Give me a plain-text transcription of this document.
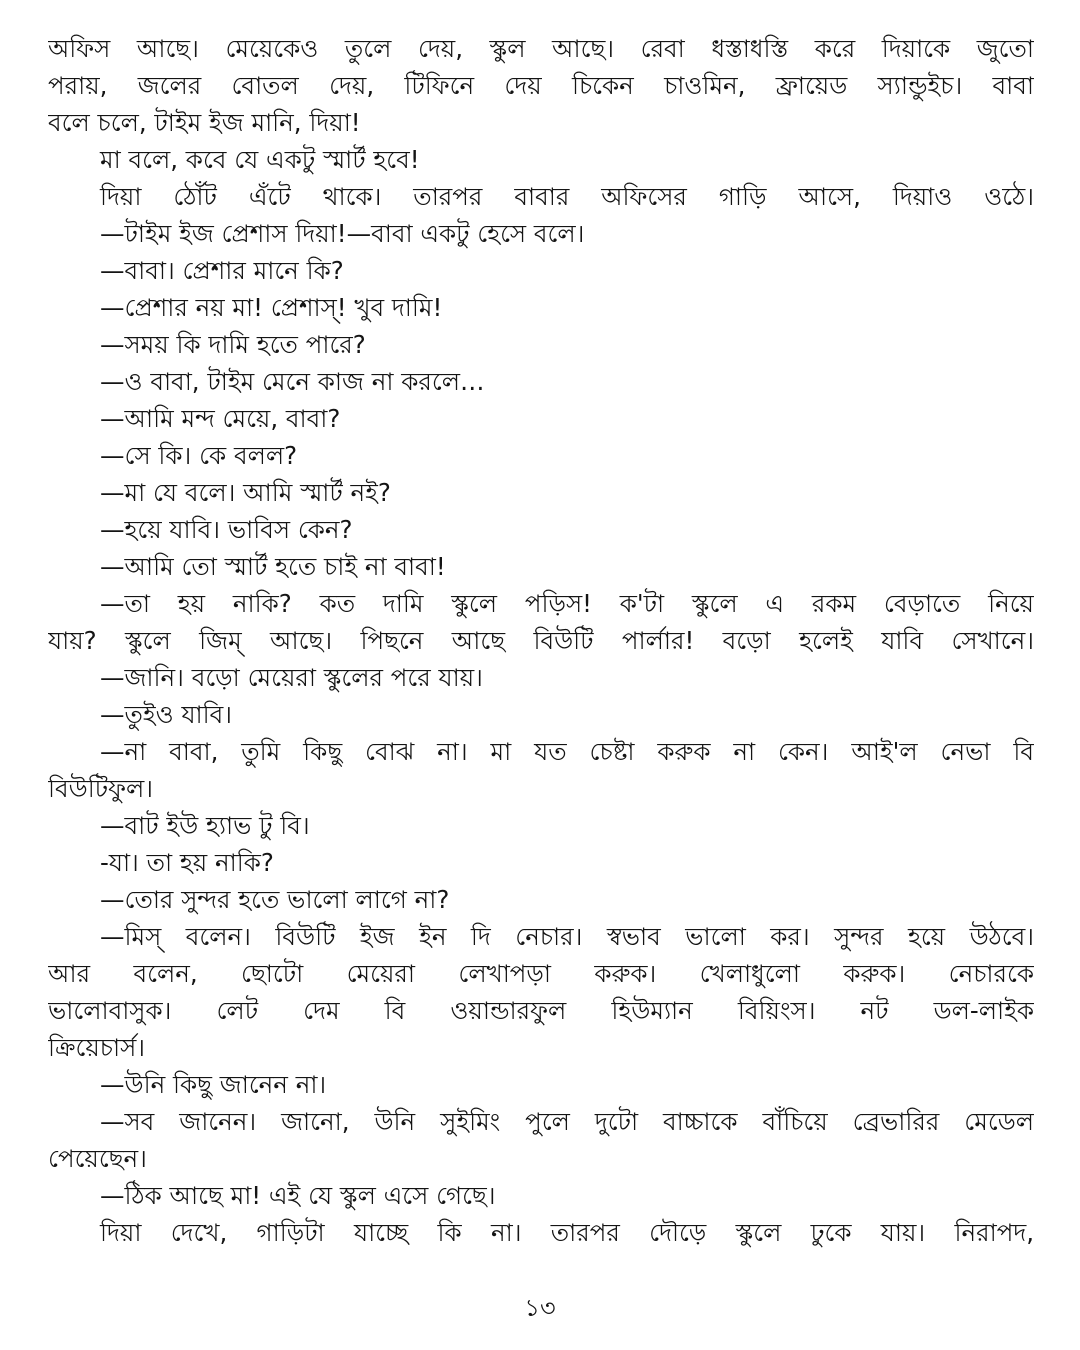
অফিস আছে। মেয়েকেও তুলে দেয়, স্কুল আছে। রেবা ধস্তাধস্তি করে দিয়াকে জুতো
পরায়, জলের বোতল দেয়, টিফিনে দেয় চিকেন চাওমিন, ফ্রায়েড স্যান্ডুইচ। বাবা
বলে চলে, টাইম ইজ মানি, দিয়া!
মা বলে, কবে যে একটু স্মার্ট হবে!
দিয়া ঠোঁট এঁটে থাকে। তারপর বাবার অফিসের গাড়ি আসে, দিয়াও ওঠে।
—টাইম ইজ প্রেশাস দিয়া!—বাবা একটু হেসে বলে।
—বাবা। প্রেশার মানে কি?
—প্রেশার নয় মা! প্রেশাস্! খুব দামি!
—সময় কি দামি হতে পারে?
—ও বাবা, টাইম মেনে কাজ না করলে…
—আমি মন্দ মেয়ে, বাবা?
—সে কি। কে বলল?
—মা যে বলে। আমি স্মার্ট নই?
—হয়ে যাবি। ভাবিস কেন?
—আমি তো স্মার্ট হতে চাই না বাবা!
—তা হয় নাকি? কত দামি স্কুলে পড়িস! ক'টা স্কুলে এ রকম বেড়াতে নিয়ে
যায়? স্কুলে জিম্ আছে। পিছনে আছে বিউটি পার্লার! বড়ো হলেই যাবি সেখানে।
—জানি। বড়ো মেয়েরা স্কুলের পরে যায়।
—তুইও যাবি।
—না বাবা, তুমি কিছু বোঝ না। মা যত চেষ্টা করুক না কেন। আই'ল নেভা বি
বিউটিফুল।
—বাট ইউ হ্যাভ টু বি।
-যা। তা হয় নাকি?
—তোর সুন্দর হতে ভালো লাগে না?
—মিস্ বলেন। বিউটি ইজ ইন দি নেচার। স্বভাব ভালো কর। সুন্দর হয়ে উঠবে।
আর বলেন, ছোটো মেয়েরা লেখাপড়া করুক। খেলাধুলো করুক। নেচারকে
ভালোবাসুক। লেট দেম বি ওয়ান্ডারফুল হিউম্যান বিয়িংস। নট ডল-লাইক
ক্রিয়েচার্স।
—উনি কিছু জানেন না।
—সব জানেন। জানো, উনি সুইমিং পুলে দুটো বাচ্চাকে বাঁচিয়ে ব্রেভারির মেডেল
পেয়েছেন।
—ঠিক আছে মা! এই যে স্কুল এসে গেছে।
দিয়া দেখে, গাড়িটা যাচ্ছে কি না। তারপর দৌড়ে স্কুলে ঢুকে যায়। নিরাপদ,
১৩
